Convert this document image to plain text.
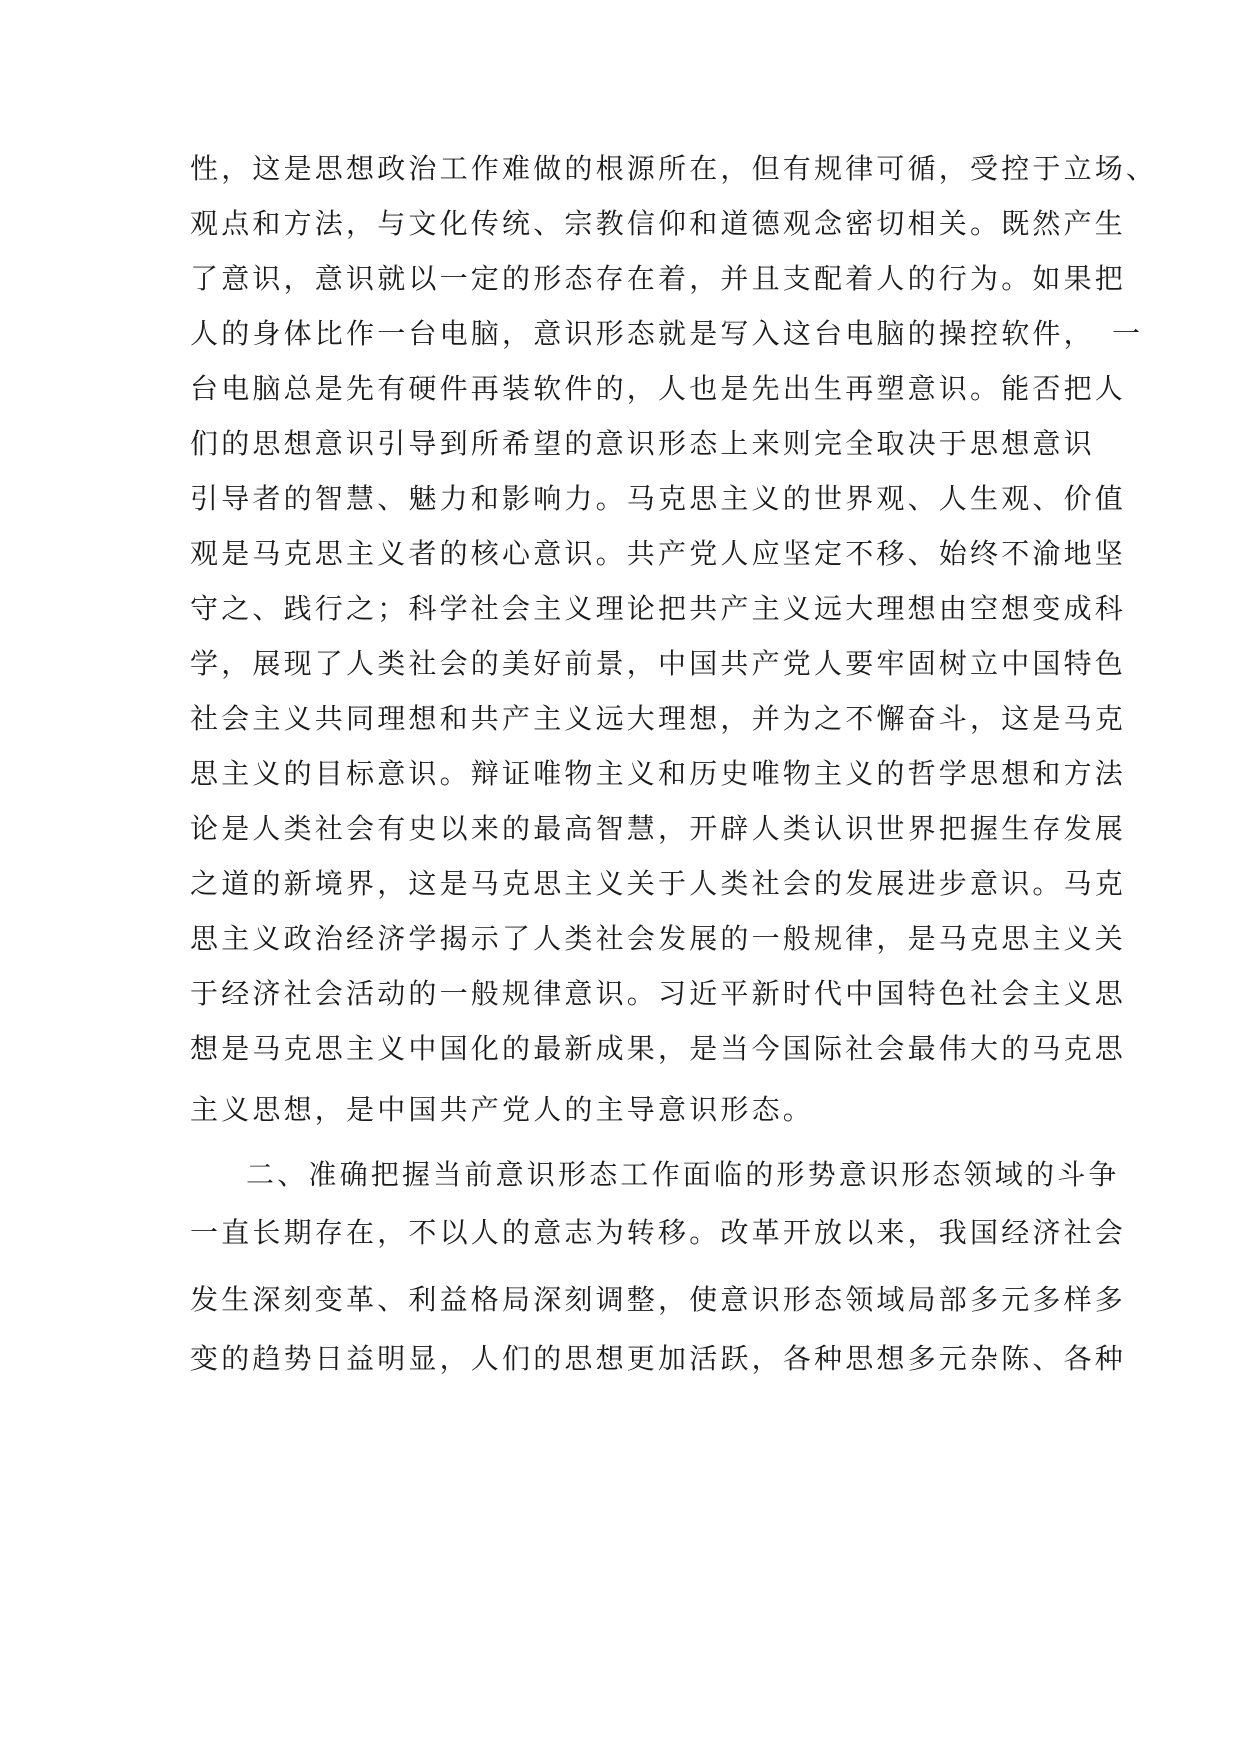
性，这是思想政治工作难做的根源所在，但有规律可循，受控于立场、
观点和方法，与文化传统、宗教信仰和道德观念密切相关。既然产生
了意识，意识就以一定的形态存在着，并且支配着人的行为。如果把
人的身体比作一台电脑，意识形态就是写入这台电脑的操控软件，　一
台电脑总是先有硬件再装软件的，人也是先出生再塑意识。能否把人
们的思想意识引导到所希望的意识形态上来则完全取决于思想意识
引导者的智慧、魅力和影响力。马克思主义的世界观、人生观、价值
观是马克思主义者的核心意识。共产党人应坚定不移、始终不渝地坚
守之、践行之；科学社会主义理论把共产主义远大理想由空想变成科
学，展现了人类社会的美好前景，中国共产党人要牢固树立中国特色
社会主义共同理想和共产主义远大理想，并为之不懈奋斗，这是马克
思主义的目标意识。辩证唯物主义和历史唯物主义的哲学思想和方法
论是人类社会有史以来的最高智慧，开辟人类认识世界把握生存发展
之道的新境界，这是马克思主义关于人类社会的发展进步意识。马克
思主义政治经济学揭示了人类社会发展的一般规律，是马克思主义关
于经济社会活动的一般规律意识。习近平新时代中国特色社会主义思
想是马克思主义中国化的最新成果，是当今国际社会最伟大的马克思
主义思想，是中国共产党人的主导意识形态。
二、准确把握当前意识形态工作面临的形势意识形态领域的斗争
一直长期存在，不以人的意志为转移。改革开放以来，我国经济社会
发生深刻变革、利益格局深刻调整，使意识形态领域局部多元多样多
变的趋势日益明显，人们的思想更加活跃，各种思想多元杂陈、各种
